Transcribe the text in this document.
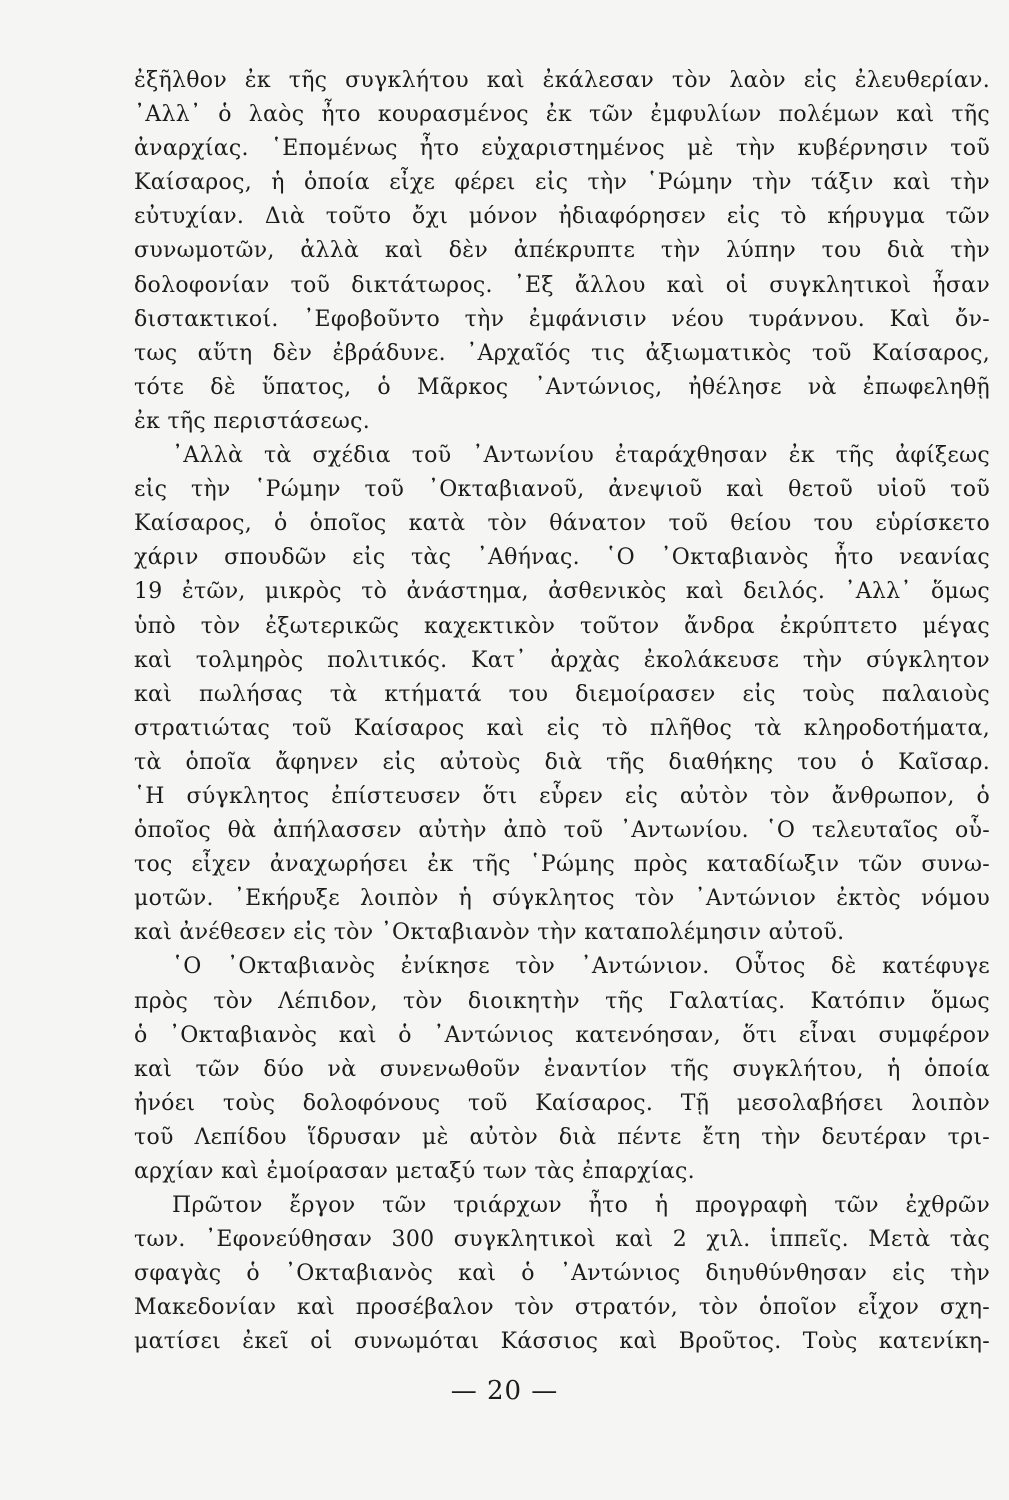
ἐξῆλθον ἐκ τῆς συγκλήτου καὶ ἐκάλεσαν τὸν λαὸν εἰς ἐλευθερίαν.
᾿Αλλ᾿ ὁ λαὸς ἦτο κουρασμένος ἐκ τῶν ἐμφυλίων πολέμων καὶ τῆς
ἀναρχίας. ῾Επομένως ἦτο εὐχαριστημένος μὲ τὴν κυβέρνησιν τοῦ
Καίσαρος, ἡ ὁποία εἶχε φέρει εἰς τὴν ῾Ρώμην τὴν τάξιν καὶ τὴν
εὐτυχίαν. Διὰ τοῦτο ὄχι μόνον ἠδιαφόρησεν εἰς τὸ κήρυγμα τῶν
συνωμοτῶν, ἀλλὰ καὶ δὲν ἀπέκρυπτε τὴν λύπην του διὰ τὴν
δολοφονίαν τοῦ δικτάτωρος. ᾿Εξ ἄλλου καὶ οἱ συγκλητικοὶ ἦσαν
διστακτικοί. ᾿Εφοβοῦντο τὴν ἐμφάνισιν νέου τυράννου. Καὶ ὄν-
τως αὕτη δὲν ἐβράδυνε. ᾿Αρχαῖός τις ἀξιωματικὸς τοῦ Καίσαρος,
τότε δὲ ὕπατος, ὁ Μᾶρκος ᾿Αντώνιος, ἠθέλησε νὰ ἐπωφεληθῇ
ἐκ τῆς περιστάσεως.
᾿Αλλὰ τὰ σχέδια τοῦ ᾿Αντωνίου ἐταράχθησαν ἐκ τῆς ἀφίξεως
εἰς τὴν ῾Ρώμην τοῦ ᾿Οκταβιανοῦ, ἀνεψιοῦ καὶ θετοῦ υἱοῦ τοῦ
Καίσαρος, ὁ ὁποῖος κατὰ τὸν θάνατον τοῦ θείου του εὑρίσκετο
χάριν σπουδῶν εἰς τὰς ᾿Αθήνας. ῾Ο ᾿Οκταβιανὸς ἦτο νεανίας
19 ἐτῶν, μικρὸς τὸ ἀνάστημα, ἀσθενικὸς καὶ δειλός. ᾿Αλλ᾿ ὅμως
ὑπὸ τὸν ἐξωτερικῶς καχεκτικὸν τοῦτον ἄνδρα ἐκρύπτετο μέγας
καὶ τολμηρὸς πολιτικός. Κατ᾿ ἀρχὰς ἐκολάκευσε τὴν σύγκλητον
καὶ πωλήσας τὰ κτήματά του διεμοίρασεν εἰς τοὺς παλαιοὺς
στρατιώτας τοῦ Καίσαρος καὶ εἰς τὸ πλῆθος τὰ κληροδοτήματα,
τὰ ὁποῖα ἄφηνεν εἰς αὐτοὺς διὰ τῆς διαθήκης του ὁ Καῖσαρ.
῾Η σύγκλητος ἐπίστευσεν ὅτι εὗρεν εἰς αὐτὸν τὸν ἄνθρωπον, ὁ
ὁποῖος θὰ ἀπήλασσεν αὐτὴν ἀπὸ τοῦ ᾿Αντωνίου. ῾Ο τελευταῖος οὗ-
τος εἶχεν ἀναχωρήσει ἐκ τῆς ῾Ρώμης πρὸς καταδίωξιν τῶν συνω-
μοτῶν. ᾿Εκήρυξε λοιπὸν ἡ σύγκλητος τὸν ᾿Αντώνιον ἐκτὸς νόμου
καὶ ἀνέθεσεν εἰς τὸν ᾿Οκταβιανὸν τὴν καταπολέμησιν αὐτοῦ.
῾Ο ᾿Οκταβιανὸς ἐνίκησε τὸν ᾿Αντώνιον. Οὗτος δὲ κατέφυγε
πρὸς τὸν Λέπιδον, τὸν διοικητὴν τῆς Γαλατίας. Κατόπιν ὅμως
ὁ ᾿Οκταβιανὸς καὶ ὁ ᾿Αντώνιος κατενόησαν, ὅτι εἶναι συμφέρον
καὶ τῶν δύο νὰ συνενωθοῦν ἐναντίον τῆς συγκλήτου, ἡ ὁποία
ἠνόει τοὺς δολοφόνους τοῦ Καίσαρος. Τῇ μεσολαβήσει λοιπὸν
τοῦ Λεπίδου ἵδρυσαν μὲ αὐτὸν διὰ πέντε ἔτη τὴν δευτέραν τρι-
αρχίαν καὶ ἐμοίρασαν μεταξύ των τὰς ἐπαρχίας.
Πρῶτον ἔργον τῶν τριάρχων ἦτο ἡ προγραφὴ τῶν ἐχθρῶν
των. ᾿Εφονεύθησαν 300 συγκλητικοὶ καὶ 2 χιλ. ἱππεῖς. Μετὰ τὰς
σφαγὰς ὁ ᾿Οκταβιανὸς καὶ ὁ ᾿Αντώνιος διηυθύνθησαν εἰς τὴν
Μακεδονίαν καὶ προσέβαλον τὸν στρατόν, τὸν ὁποῖον εἶχον σχη-
ματίσει ἐκεῖ οἱ συνωμόται Κάσσιος καὶ Βροῦτος. Τοὺς κατενίκη-
— 20 —
